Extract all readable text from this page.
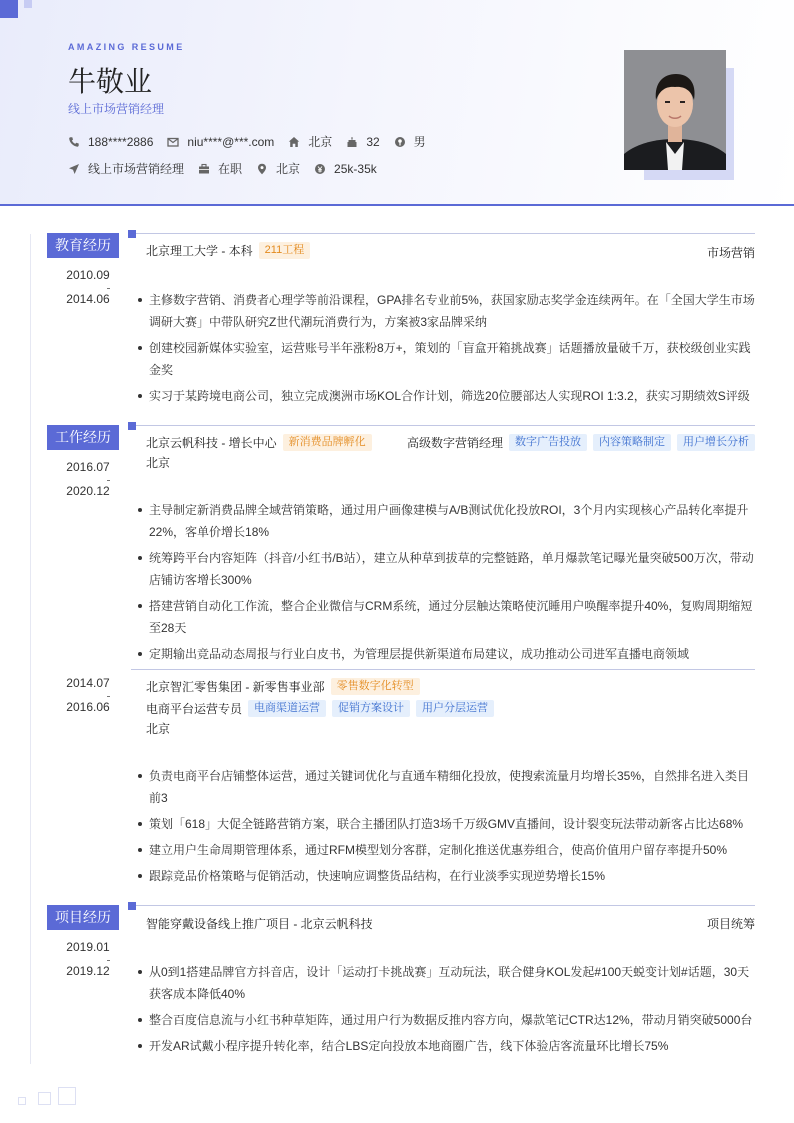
AMAZING RESUME
牛敬业
线上市场营销经理
188****2886	niu****@***.com	北京	32	男
线上市场营销经理	在职	北京	25k-35k
教育经历
2010.09
2014.06
北京理工大学 - 本科	211工程	市场营销
主修数字营销、消费者心理学等前沿课程，GPA排名专业前5%，获国家励志奖学金连续两年。在「全国大学生市场调研大赛」中带队研究Z世代潮玩消费行为，方案被3家品牌采纳
创建校园新媒体实验室，运营账号半年涨粉8万+，策划的「盲盒开箱挑战赛」话题播放量破千万，获校级创业实践金奖
实习于某跨境电商公司，独立完成澳洲市场KOL合作计划，筛选20位腰部达人实现ROI 1:3.2，获实习期绩效S评级
工作经历
2016.07
2020.12
北京云帆科技 - 增长中心	新消费品牌孵化	高级数字营销经理	数字广告投放	内容策略制定	用户增长分析
北京
主导制定新消费品牌全域营销策略，通过用户画像建模与A/B测试优化投放ROI，3个月内实现核心产品转化率提升22%，客单价增长18%
统筹跨平台内容矩阵（抖音/小红书/B站），建立从种草到拔草的完整链路，单月爆款笔记曝光量突破500万次，带动店铺访客增长300%
搭建营销自动化工作流，整合企业微信与CRM系统，通过分层触达策略使沉睡用户唤醒率提升40%，复购周期缩短至28天
定期输出竞品动态周报与行业白皮书，为管理层提供新渠道布局建议，成功推动公司进军直播电商领域
2014.07
2016.06
北京智汇零售集团 - 新零售事业部	零售数字化转型
电商平台运营专员	电商渠道运营	促销方案设计	用户分层运营
北京
负责电商平台店铺整体运营，通过关键词优化与直通车精细化投放，使搜索流量月均增长35%，自然排名进入类目前3
策划「618」大促全链路营销方案，联合主播团队打造3场千万级GMV直播间，设计裂变玩法带动新客占比达68%
建立用户生命周期管理体系，通过RFM模型划分客群，定制化推送优惠券组合，使高价值用户留存率提升50%
跟踪竞品价格策略与促销活动，快速响应调整货品结构，在行业淡季实现逆势增长15%
项目经历
2019.01
2019.12
智能穿戴设备线上推广项目 - 北京云帆科技	项目统筹
从0到1搭建品牌官方抖音店，设计「运动打卡挑战赛」互动玩法，联合健身KOL发起#100天蜕变计划#话题，30天获客成本降低40%
整合百度信息流与小红书种草矩阵，通过用户行为数据反推内容方向，爆款笔记CTR达12%，带动月销突破5000台
开发AR试戴小程序提升转化率，结合LBS定向投放本地商圈广告，线下体验店客流量环比增长75%
